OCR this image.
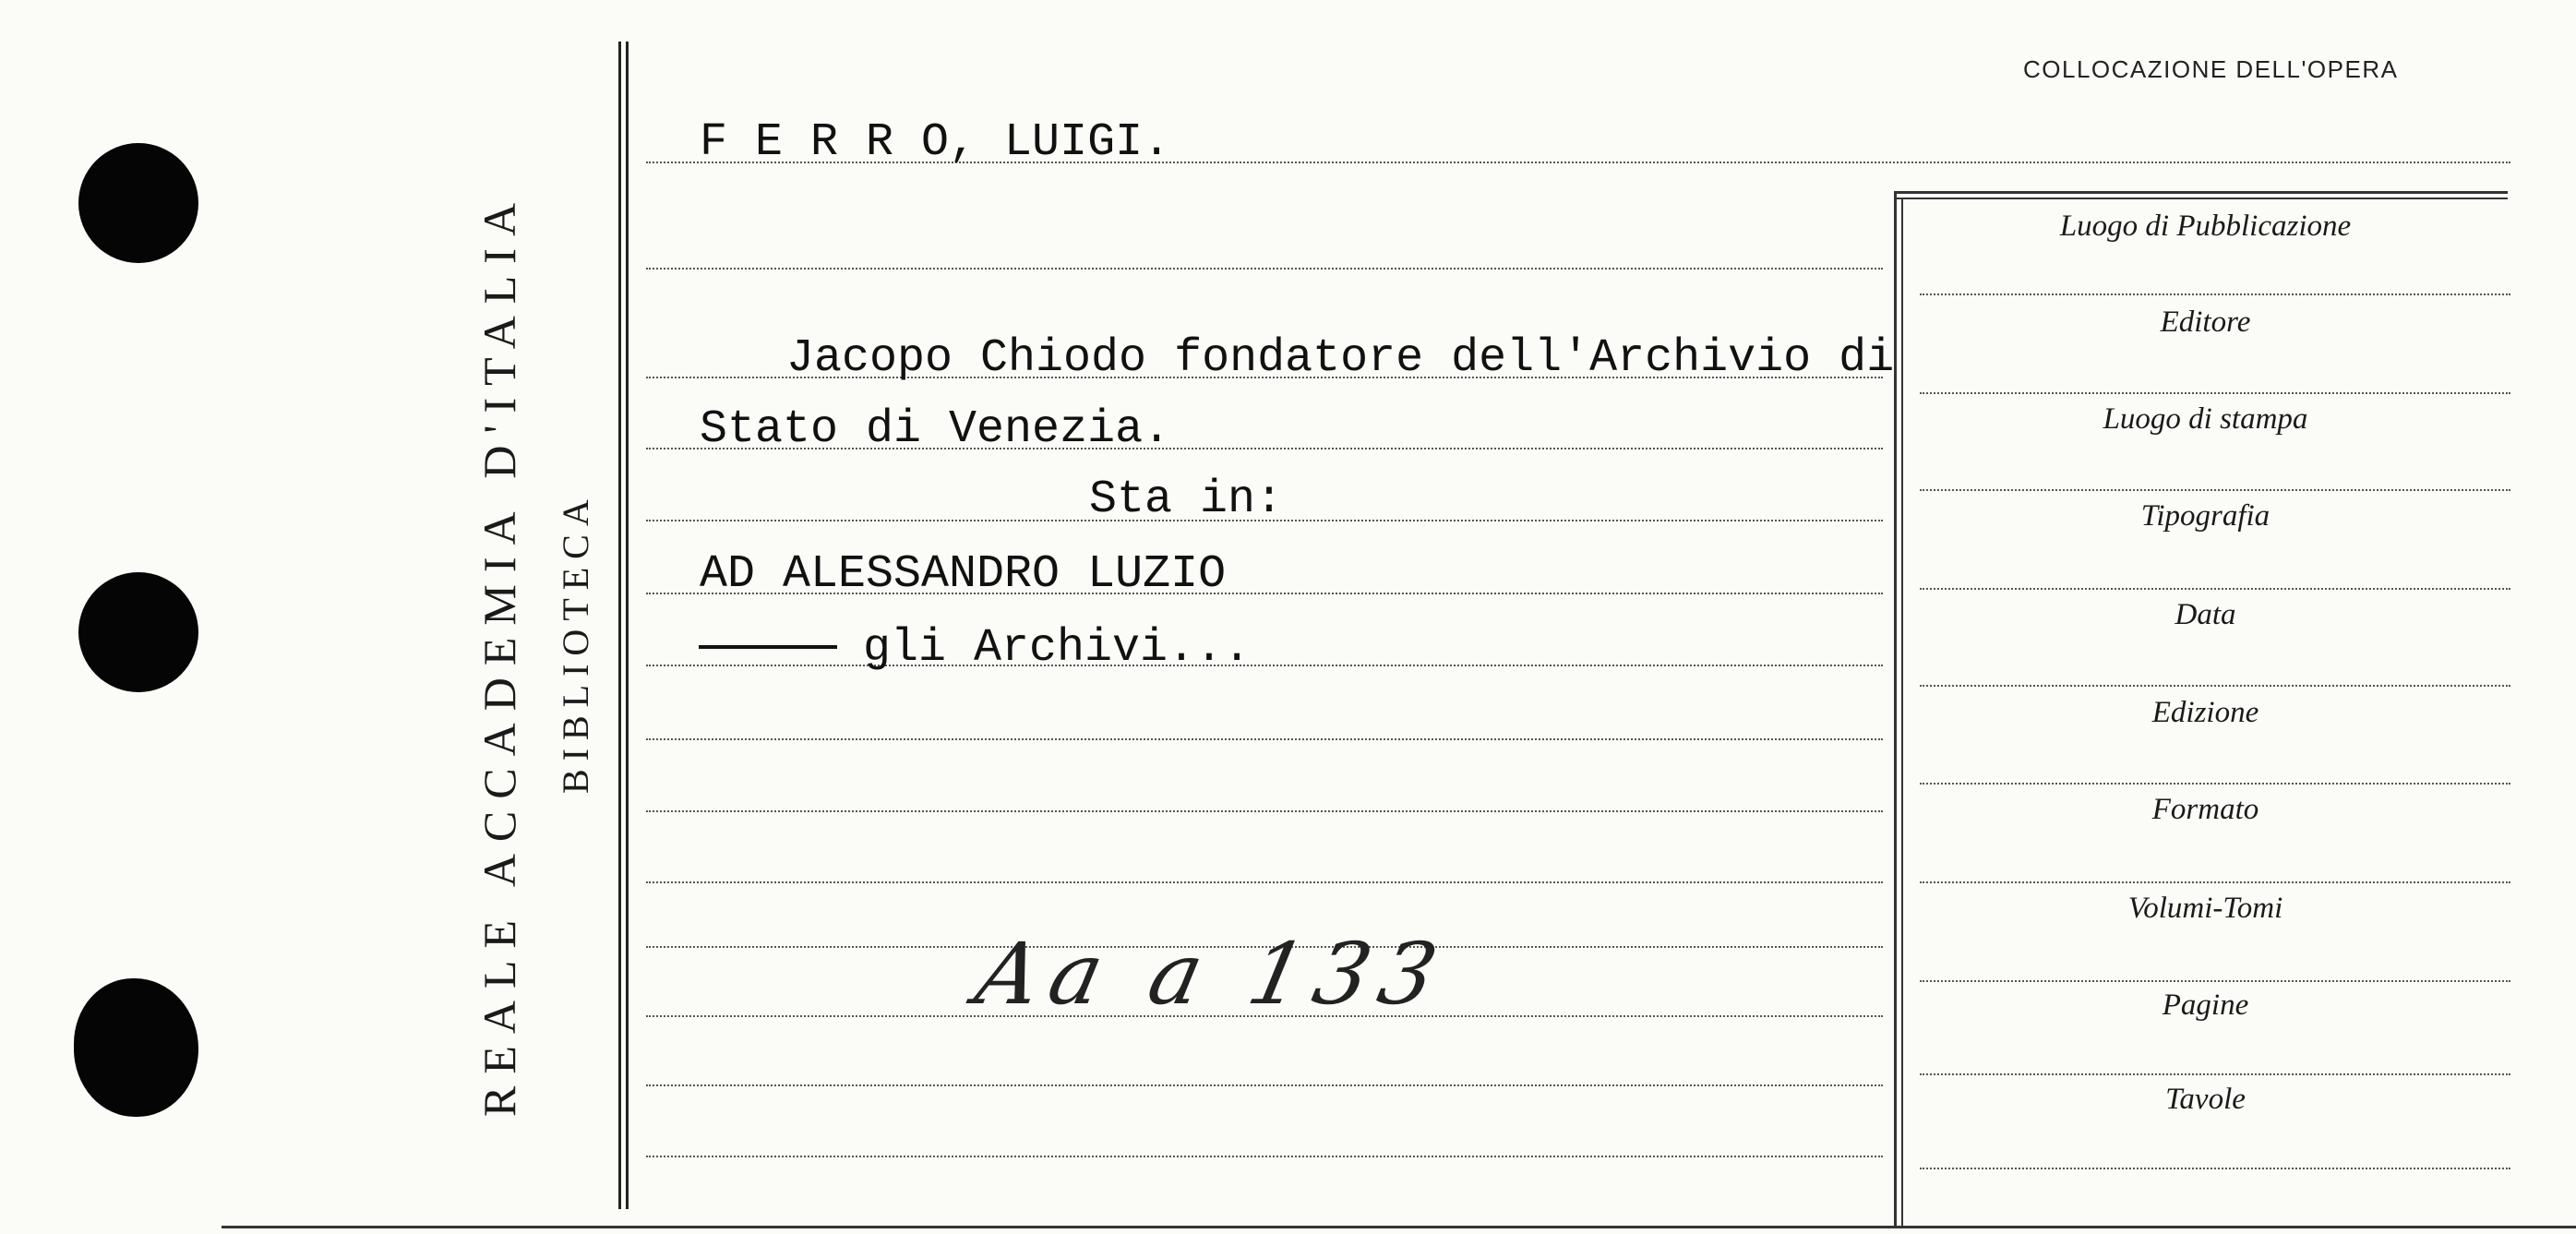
REALE ACCADEMIA D'ITALIA BIBLIOTECA
F E R R O, LUIGI.
Jacopo Chiodo fondatore dell'Archivio di
Stato di Venezia.
Sta in:
AD ALESSANDRO LUZIO
gli Archivi...
Aa a 133
COLLOCAZIONE DELL'OPERA
Luogo di Pubblicazione
Editore
Luogo di stampa
Tipografia
Data
Edizione
Formato
Volumi-Tomi
Pagine
Tavole
